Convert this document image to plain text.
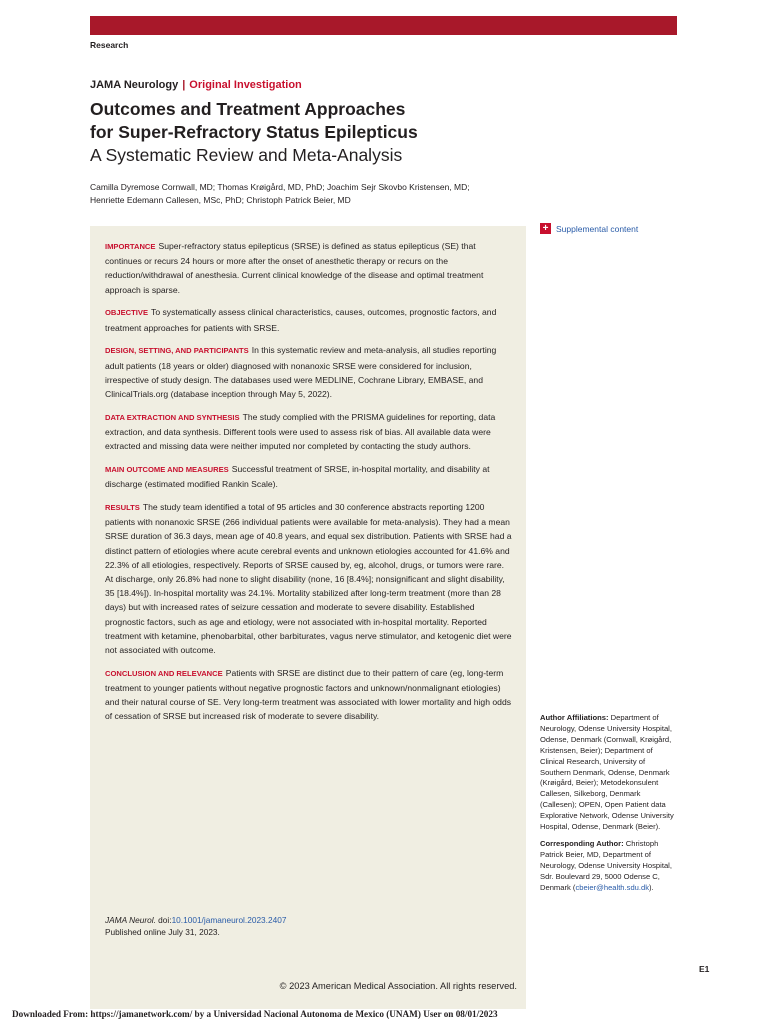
Research
JAMA Neurology | Original Investigation
Outcomes and Treatment Approaches
for Super-Refractory Status Epilepticus
A Systematic Review and Meta-Analysis
Camilla Dyremose Cornwall, MD; Thomas Krøigård, MD, PhD; Joachim Sejr Skovbo Kristensen, MD;
Henriette Edemann Callesen, MSc, PhD; Christoph Patrick Beier, MD
+ Supplemental content

IMPORTANCE Super-refractory status epilepticus (SRSE) is defined as status epilepticus (SE) that continues or recurs 24 hours or more after the onset of anesthetic therapy or recurs on the reduction/withdrawal of anesthesia. Current clinical knowledge of the disease and optimal treatment approach is sparse.

OBJECTIVE To systematically assess clinical characteristics, causes, outcomes, prognostic factors, and treatment approaches for patients with SRSE.

DESIGN, SETTING, AND PARTICIPANTS In this systematic review and meta-analysis, all studies reporting adult patients (18 years or older) diagnosed with nonanoxic SRSE were considered for inclusion, irrespective of study design. The databases used were MEDLINE, Cochrane Library, EMBASE, and ClinicalTrials.org (database inception through May 5, 2022).

DATA EXTRACTION AND SYNTHESIS The study complied with the PRISMA guidelines for reporting, data extraction, and data synthesis. Different tools were used to assess risk of bias. All available data were extracted and missing data were neither imputed nor completed by contacting the study authors.

MAIN OUTCOME AND MEASURES Successful treatment of SRSE, in-hospital mortality, and disability at discharge (estimated modified Rankin Scale).

RESULTS The study team identified a total of 95 articles and 30 conference abstracts reporting 1200 patients with nonanoxic SRSE (266 individual patients were available for meta-analysis). They had a mean SRSE duration of 36.3 days, mean age of 40.8 years, and equal sex distribution. Patients with SRSE had a distinct pattern of etiologies where acute cerebral events and unknown etiologies accounted for 41.6% and 22.3% of all etiologies, respectively. Reports of SRSE caused by, eg, alcohol, drugs, or tumors were rare. At discharge, only 26.8% had none to slight disability (none, 16 [8.4%]; nonsignificant and slight disability, 35 [18.4%]). In-hospital mortality was 24.1%. Mortality stabilized after long-term treatment (more than 28 days) but with increased rates of seizure cessation and moderate to severe disability. Established prognostic factors, such as age and etiology, were not associated with in-hospital mortality. Reported treatment with ketamine, phenobarbital, other barbiturates, vagus nerve stimulator, and ketogenic diet were not associated with outcome.

CONCLUSION AND RELEVANCE Patients with SRSE are distinct due to their pattern of care (eg, long-term treatment to younger patients without negative prognostic factors and unknown/nonmalignant etiologies) and their natural course of SE. Very long-term treatment was associated with lower mortality and high odds of cessation of SRSE but increased risk of moderate to severe disability.

JAMA Neurol. doi:10.1001/jamaneurol.2023.2407
Published online July 31, 2023.
© 2023 American Medical Association. All rights reserved.
Author Affiliations: Department of Neurology, Odense University Hospital, Odense, Denmark (Cornwall, Krøigård, Kristensen, Beier); Department of Clinical Research, University of Southern Denmark, Odense, Denmark (Krøigård, Beier); Metodekonsulent Callesen, Silkeborg, Denmark (Callesen); OPEN, Open Patient data Explorative Network, Odense University Hospital, Odense, Denmark (Beier).
Corresponding Author: Christoph Patrick Beier, MD, Department of Neurology, Odense University Hospital, Sdr. Boulevard 29, 5000 Odense C, Denmark (cbeier@health.sdu.dk).
E1
Downloaded From: https://jamanetwork.com/ by a Universidad Nacional Autonoma de Mexico (UNAM) User on 08/01/2023
